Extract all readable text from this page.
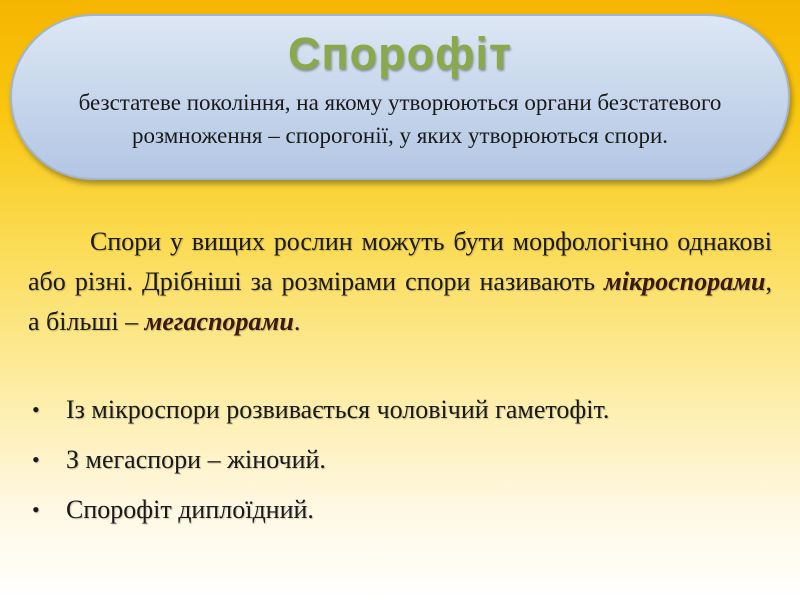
Спорофіт
безстатеве покоління, на якому утворюються органи безстатевого розмноження – спорогонії, у яких утворюються спори.
Спори у вищих рослин можуть бути морфологічно однакові або різні. Дрібніші за розмірами спори називають мікроспорами, а більші – мегаспорами.
•	Із мікроспори розвивається чоловічий гаметофіт.
•	З мегаспори – жіночий.
•	Спорофіт диплоїдний.
